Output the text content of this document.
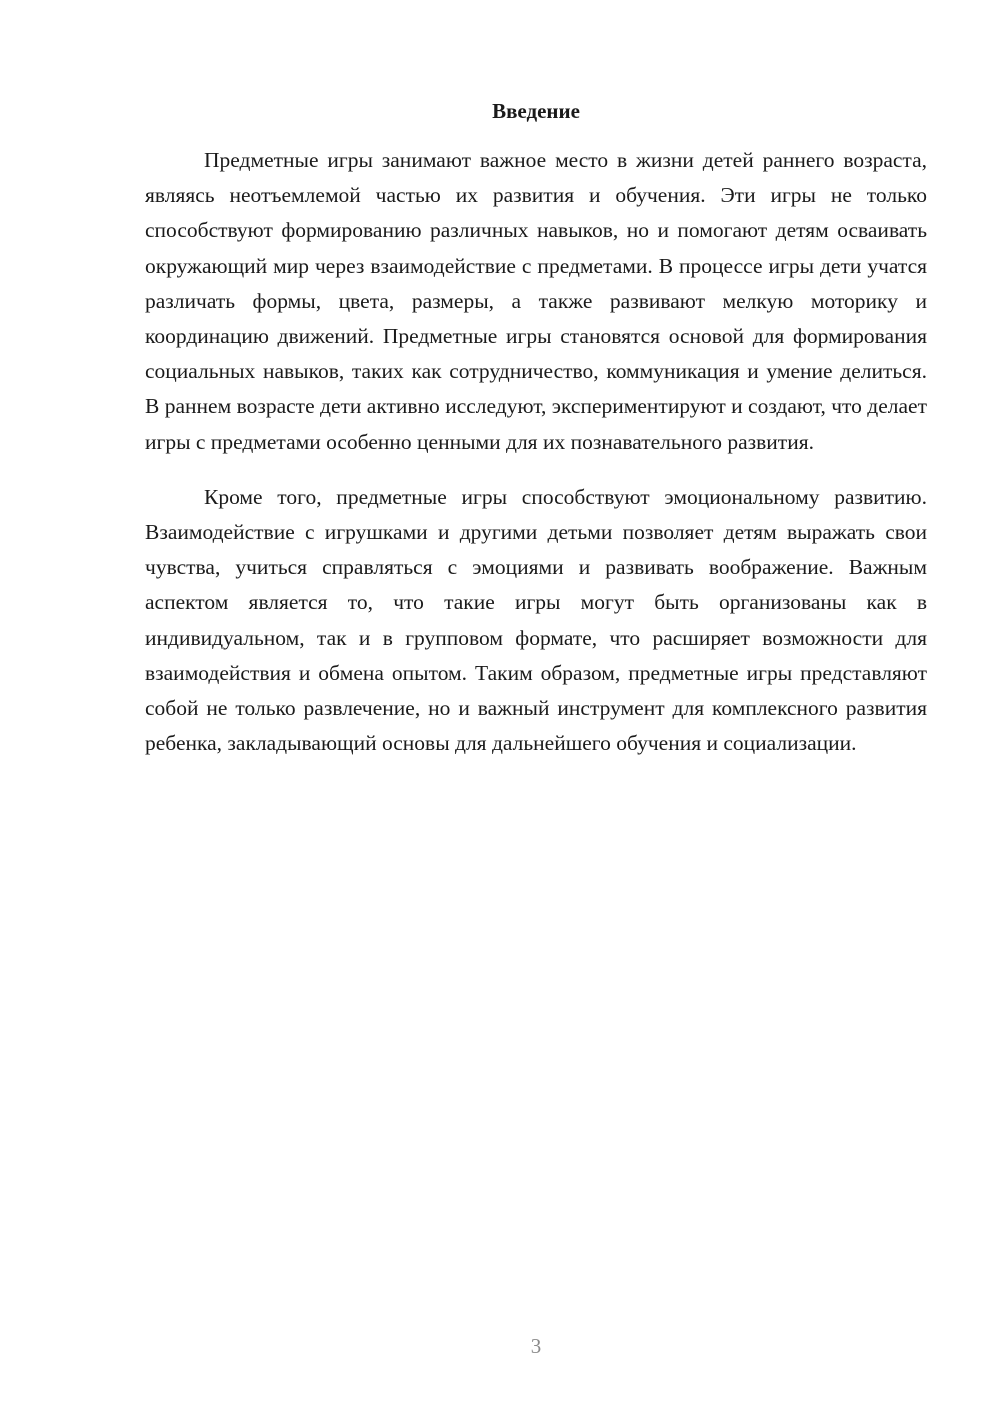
Введение

Предметные игры занимают важное место в жизни детей раннего возраста, являясь неотъемлемой частью их развития и обучения. Эти игры не только способствуют формированию различных навыков, но и помогают детям осваивать окружающий мир через взаимодействие с предметами. В процессе игры дети учатся различать формы, цвета, размеры, а также развивают мелкую моторику и координацию движений. Предметные игры становятся основой для формирования социальных навыков, таких как сотрудничество, коммуникация и умение делиться. В раннем возрасте дети активно исследуют, экспериментируют и создают, что делает игры с предметами особенно ценными для их познавательного развития.

Кроме того, предметные игры способствуют эмоциональному развитию. Взаимодействие с игрушками и другими детьми позволяет детям выражать свои чувства, учиться справляться с эмоциями и развивать воображение. Важным аспектом является то, что такие игры могут быть организованы как в индивидуальном, так и в групповом формате, что расширяет возможности для взаимодействия и обмена опытом. Таким образом, предметные игры представляют собой не только развлечение, но и важный инструмент для комплексного развития ребенка, закладывающий основы для дальнейшего обучения и социализации.

3
